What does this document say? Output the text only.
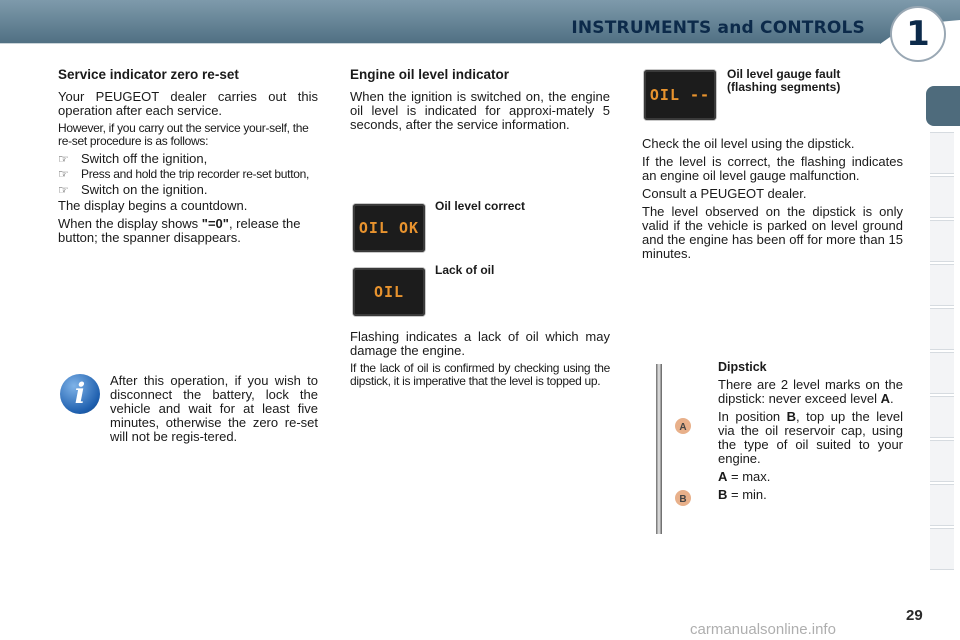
INSTRUMENTS and CONTROLS	1
Service indicator zero re-set

Your PEUGEOT dealer carries out this operation after each service.

However, if you carry out the service your-self, the re-set procedure is as follows:

☞ Switch off the ignition,
☞ Press and hold the trip recorder re-set button,
☞ Switch on the ignition.

The display begins a countdown.

When the display shows "=0", release the button; the spanner disappears.

i	After this operation, if you wish to disconnect the battery, lock the vehicle and wait for at least five minutes, otherwise the zero re-set will not be regis-tered.
Engine oil level indicator

When the ignition is switched on, the engine oil level is indicated for approxi-mately 5 seconds, after the service information.

Oil level correct
OIL OK
Lack of oil
OIL

Flashing indicates a lack of oil which may damage the engine.

If the lack of oil is confirmed by checking using the dipstick, it is imperative that the level is topped up.

OIL --
Oil level gauge fault (flashing segments)

Check the oil level using the dipstick.

If the level is correct, the flashing indicates an engine oil level gauge malfunction.

Consult a PEUGEOT dealer.

The level observed on the dipstick is only valid if the vehicle is parked on level ground and the engine has been off for more than 15 minutes.

A
B
Dipstick

There are 2 level marks on the dipstick: never exceed level A.

In position B, top up the level via the oil reservoir cap, using the type of oil suited to your engine.

A = max.

B = min.

29
carmanualsonline.info
